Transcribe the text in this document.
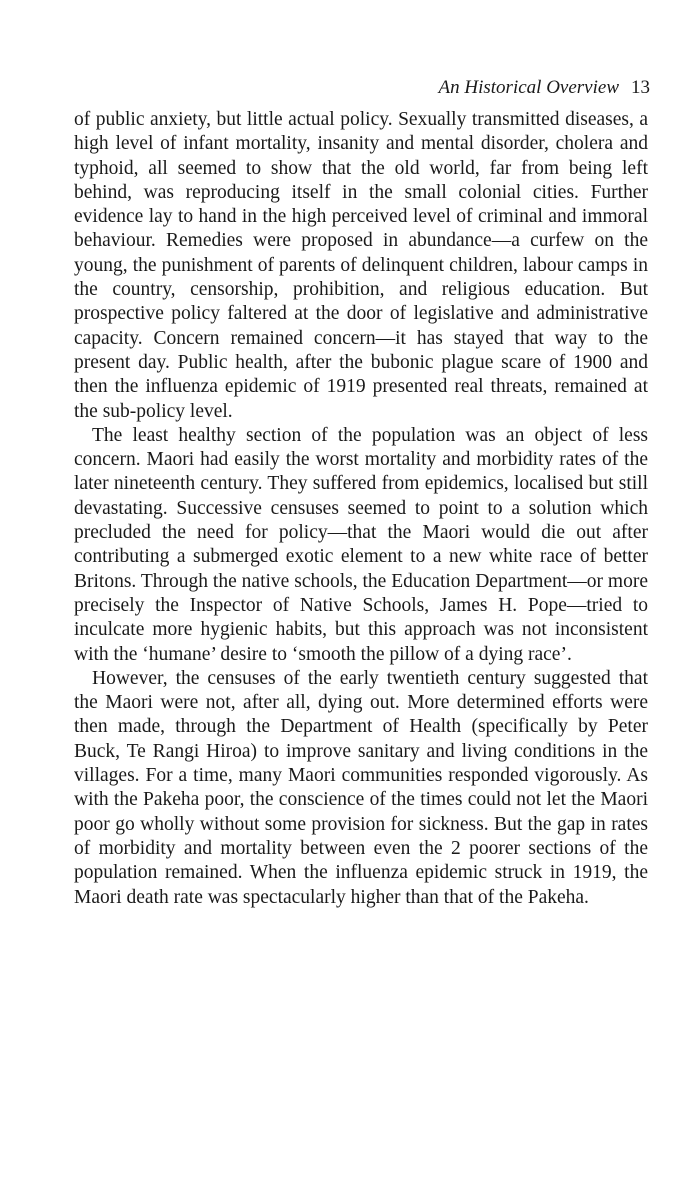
An Historical Overview 13

of public anxiety, but little actual policy. Sexually transmitted diseases, a high level of infant mortality, insanity and mental disorder, cholera and typhoid, all seemed to show that the old world, far from being left behind, was reproducing itself in the small colonial cities. Further evidence lay to hand in the high perceived level of criminal and immoral behaviour. Remedies were proposed in abundance—a curfew on the young, the punishment of parents of delinquent children, labour camps in the country, censorship, prohibition, and religious education. But prospective policy faltered at the door of legislative and administrative capacity. Concern remained concern—it has stayed that way to the present day. Public health, after the bubonic plague scare of 1900 and then the influenza epidemic of 1919 presented real threats, remained at the sub-policy level.

The least healthy section of the population was an object of less concern. Maori had easily the worst mortality and morbidity rates of the later nineteenth century. They suffered from epidemics, localised but still devastating. Successive censuses seemed to point to a solution which precluded the need for policy—that the Maori would die out after contributing a submerged exotic element to a new white race of better Britons. Through the native schools, the Education Department—or more precisely the Inspector of Native Schools, James H. Pope—tried to inculcate more hygienic habits, but this approach was not inconsistent with the ‘humane’ desire to ‘smooth the pillow of a dying race’.

However, the censuses of the early twentieth century suggested that the Maori were not, after all, dying out. More determined efforts were then made, through the Department of Health (specifically by Peter Buck, Te Rangi Hiroa) to improve sanitary and living conditions in the villages. For a time, many Maori communities responded vigorously. As with the Pakeha poor, the conscience of the times could not let the Maori poor go wholly without some provision for sickness. But the gap in rates of morbidity and mortality between even the 2 poorer sections of the population remained. When the influenza epidemic struck in 1919, the Maori death rate was spectacularly higher than that of the Pakeha.
